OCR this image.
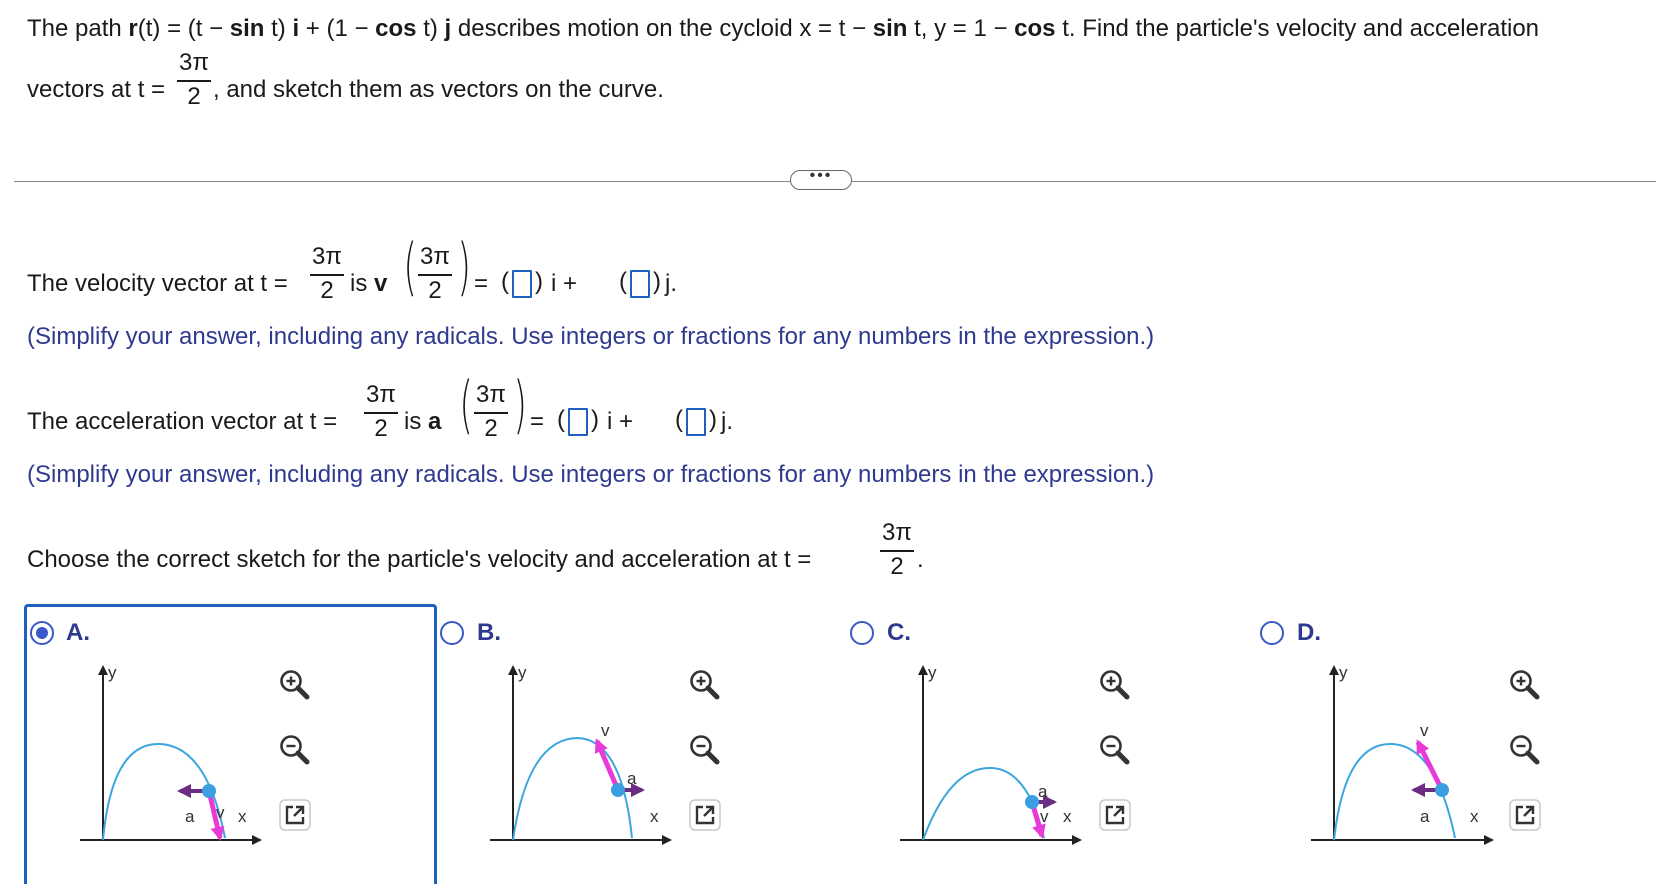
The path r(t) = (t − sin t) i + (1 − cos t) j describes motion on the cycloid x = t − sin t, y = 1 − cos t. Find the particle's velocity and acceleration
vectors at t =
3π
2 , and sketch them as vectors on the curve.
•••
The velocity vector at t =
3π
2 is v ( 3π
2 ) = ( ) i + ( ) j.
(Simplify your answer, including any radicals. Use integers or fractions for any numbers in the expression.)
The acceleration vector at t =
3π
2 is a ( 3π
2 ) = ( ) i + ( ) j.
(Simplify your answer, including any radicals. Use integers or fractions for any numbers in the expression.)
Choose the correct sketch for the particle's velocity and acceleration at t =
3π
2 .
A.	B.	C.	D.
y
x
v
a
y
x
v
a
y
x
v
a
y
x
v
a
